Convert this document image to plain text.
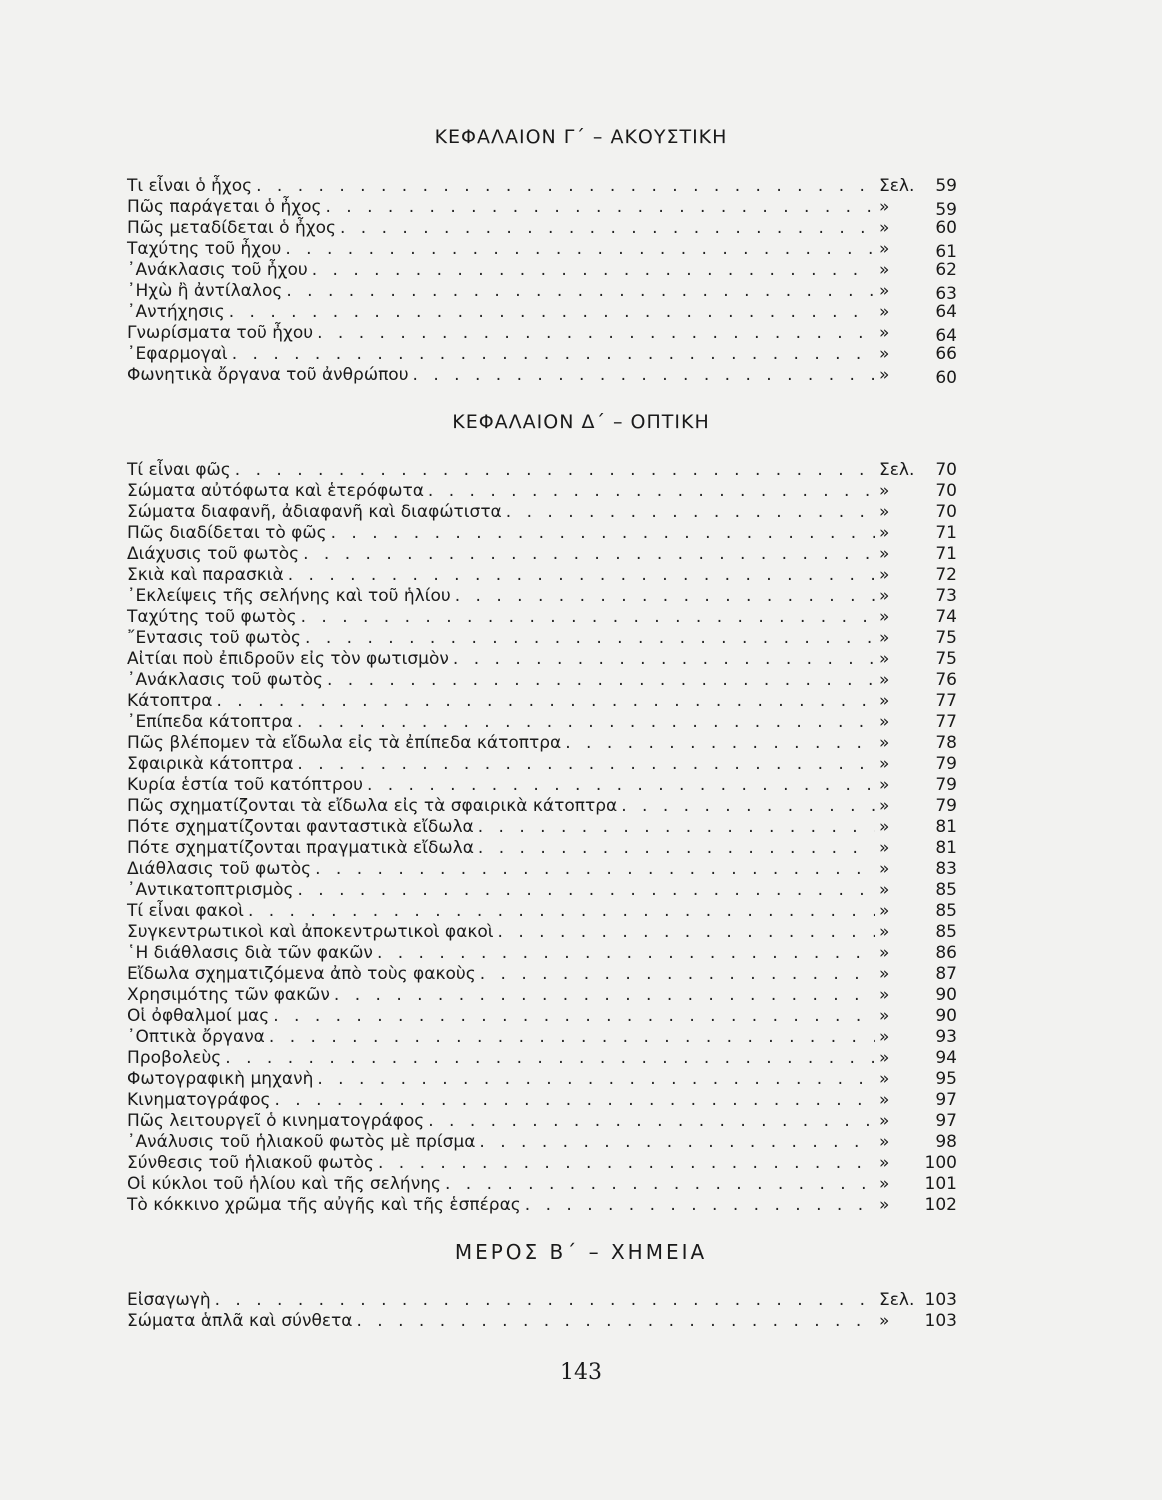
ΚΕΦΑΛΑΙΟΝ Γ΄ – ΑΚΟΥΣΤΙΚΗ
Τι εἶναι ὁ ἦχος . . .	Σελ.	59
Πῶς παράγεται ὁ ἦχος . . .	»	59
Πῶς μεταδίδεται ὁ ἦχος . . .	»	60
Ταχύτης τοῦ ἦχου . . .	»	61
᾿Ανάκλασις τοῦ ἦχου . . .	»	62
᾿Ηχὼ ἢ ἀντίλαλος . . .	»	63
᾿Αντήχησις . . .	»	64
Γνωρίσματα τοῦ ἦχου . . .	»	64
᾿Εφαρμογαὶ . . .	»	66
Φωνητικὰ ὄργανα τοῦ ἀνθρώπου . . .	»	60
ΚΕΦΑΛΑΙΟΝ Δ΄ – ΟΠΤΙΚΗ
Τί εἶναι φῶς . . .	Σελ.	70
Σώματα αὐτόφωτα καὶ ἑτερόφωτα . . .	»	70
Σώματα διαφανῆ, ἀδιαφανῆ καὶ διαφώτιστα . . .	»	70
Πῶς διαδίδεται τὸ φῶς . . .	»	71
Διάχυσις τοῦ φωτὸς . . .	»	71
Σκιὰ καὶ παρασκιὰ . . .	»	72
᾿Εκλείψεις τῆς σελήνης καὶ τοῦ ἡλίου . . .	»	73
Ταχύτης τοῦ φωτὸς . . .	»	74
῎Εντασις τοῦ φωτὸς . . .	»	75
Αἰτίαι ποὺ ἐπιδροῦν εἰς τὸν φωτισμὸν . . .	»	75
᾿Ανάκλασις τοῦ φωτὸς . . .	»	76
Κάτοπτρα . . .	»	77
᾿Επίπεδα κάτοπτρα . . .	»	77
Πῶς βλέπομεν τὰ εἴδωλα εἰς τὰ ἐπίπεδα κάτοπτρα . . .	»	78
Σφαιρικὰ κάτοπτρα . . .	»	79
Κυρία ἑστία τοῦ κατόπτρου . . .	»	79
Πῶς σχηματίζονται τὰ εἴδωλα εἰς τὰ σφαιρικὰ κάτοπτρα . . .	»	79
Πότε σχηματίζονται φανταστικὰ εἴδωλα . . .	»	81
Πότε σχηματίζονται πραγματικὰ εἴδωλα . . .	»	81
Διάθλασις τοῦ φωτὸς . . .	»	83
᾿Αντικατοπτρισμὸς . . .	»	85
Τί εἶναι φακοὶ . . .	»	85
Συγκεντρωτικοὶ καὶ ἀποκεντρωτικοὶ φακοὶ . . .	»	85
῾Η διάθλασις διὰ τῶν φακῶν . . .	»	86
Εἴδωλα σχηματιζόμενα ἀπὸ τοὺς φακοὺς . . .	»	87
Χρησιμότης τῶν φακῶν . . .	»	90
Οἱ ὀφθαλμοί μας . . .	»	90
᾿Οπτικὰ ὄργανα . . .	»	93
Προβολεὺς . . .	»	94
Φωτογραφικὴ μηχανὴ . . .	»	95
Κινηματογράφος . . .	»	97
Πῶς λειτουργεῖ ὁ κινηματογράφος . . .	»	97
᾿Ανάλυσις τοῦ ἡλιακοῦ φωτὸς μὲ πρίσμα . . .	»	98
Σύνθεσις τοῦ ἡλιακοῦ φωτὸς . . .	»	100
Οἱ κύκλοι τοῦ ἡλίου καὶ τῆς σελήνης . . .	»	101
Τὸ κόκκινο χρῶμα τῆς αὐγῆς καὶ τῆς ἑσπέρας . . .	»	102
ΜΕΡΟΣ Β΄ – ΧΗΜΕΙΑ
Εἰσαγωγὴ . . .	Σελ. 103
Σώματα ἁπλᾶ καὶ σύνθετα . . .	»	103
143
